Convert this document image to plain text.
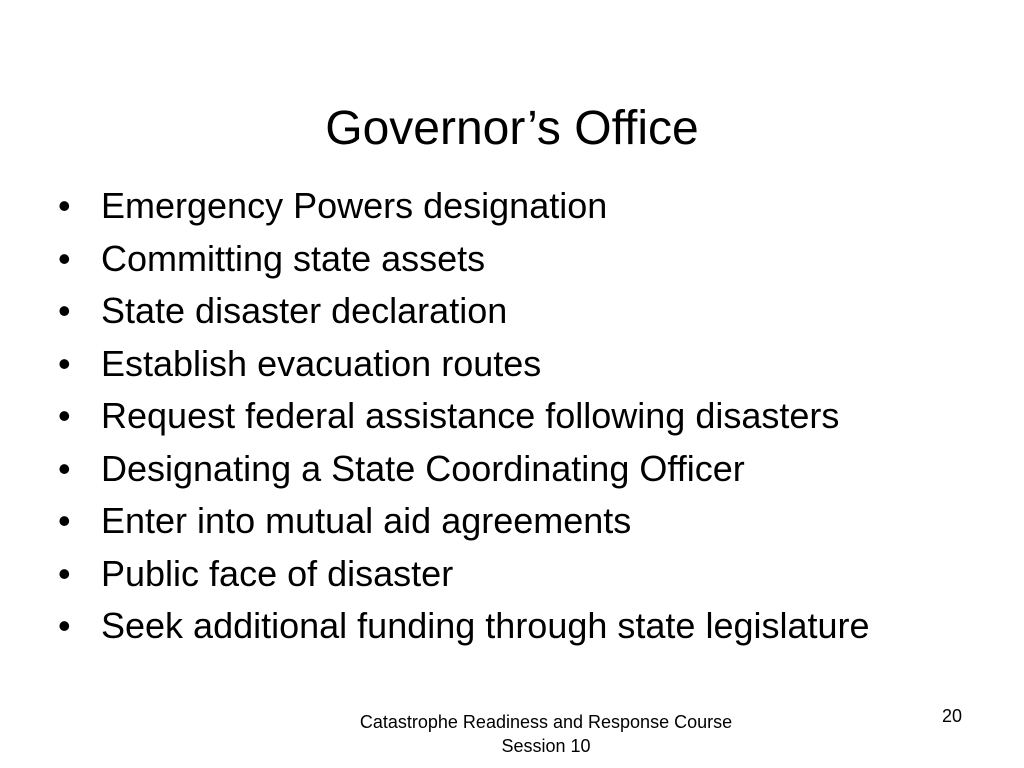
Governor’s Office
• Emergency Powers designation
• Committing state assets
• State disaster declaration
• Establish evacuation routes
• Request federal assistance following disasters
• Designating a State Coordinating Officer
• Enter into mutual aid agreements
• Public face of disaster
• Seek additional funding through state legislature
Catastrophe Readiness and Response Course
Session 10
20
